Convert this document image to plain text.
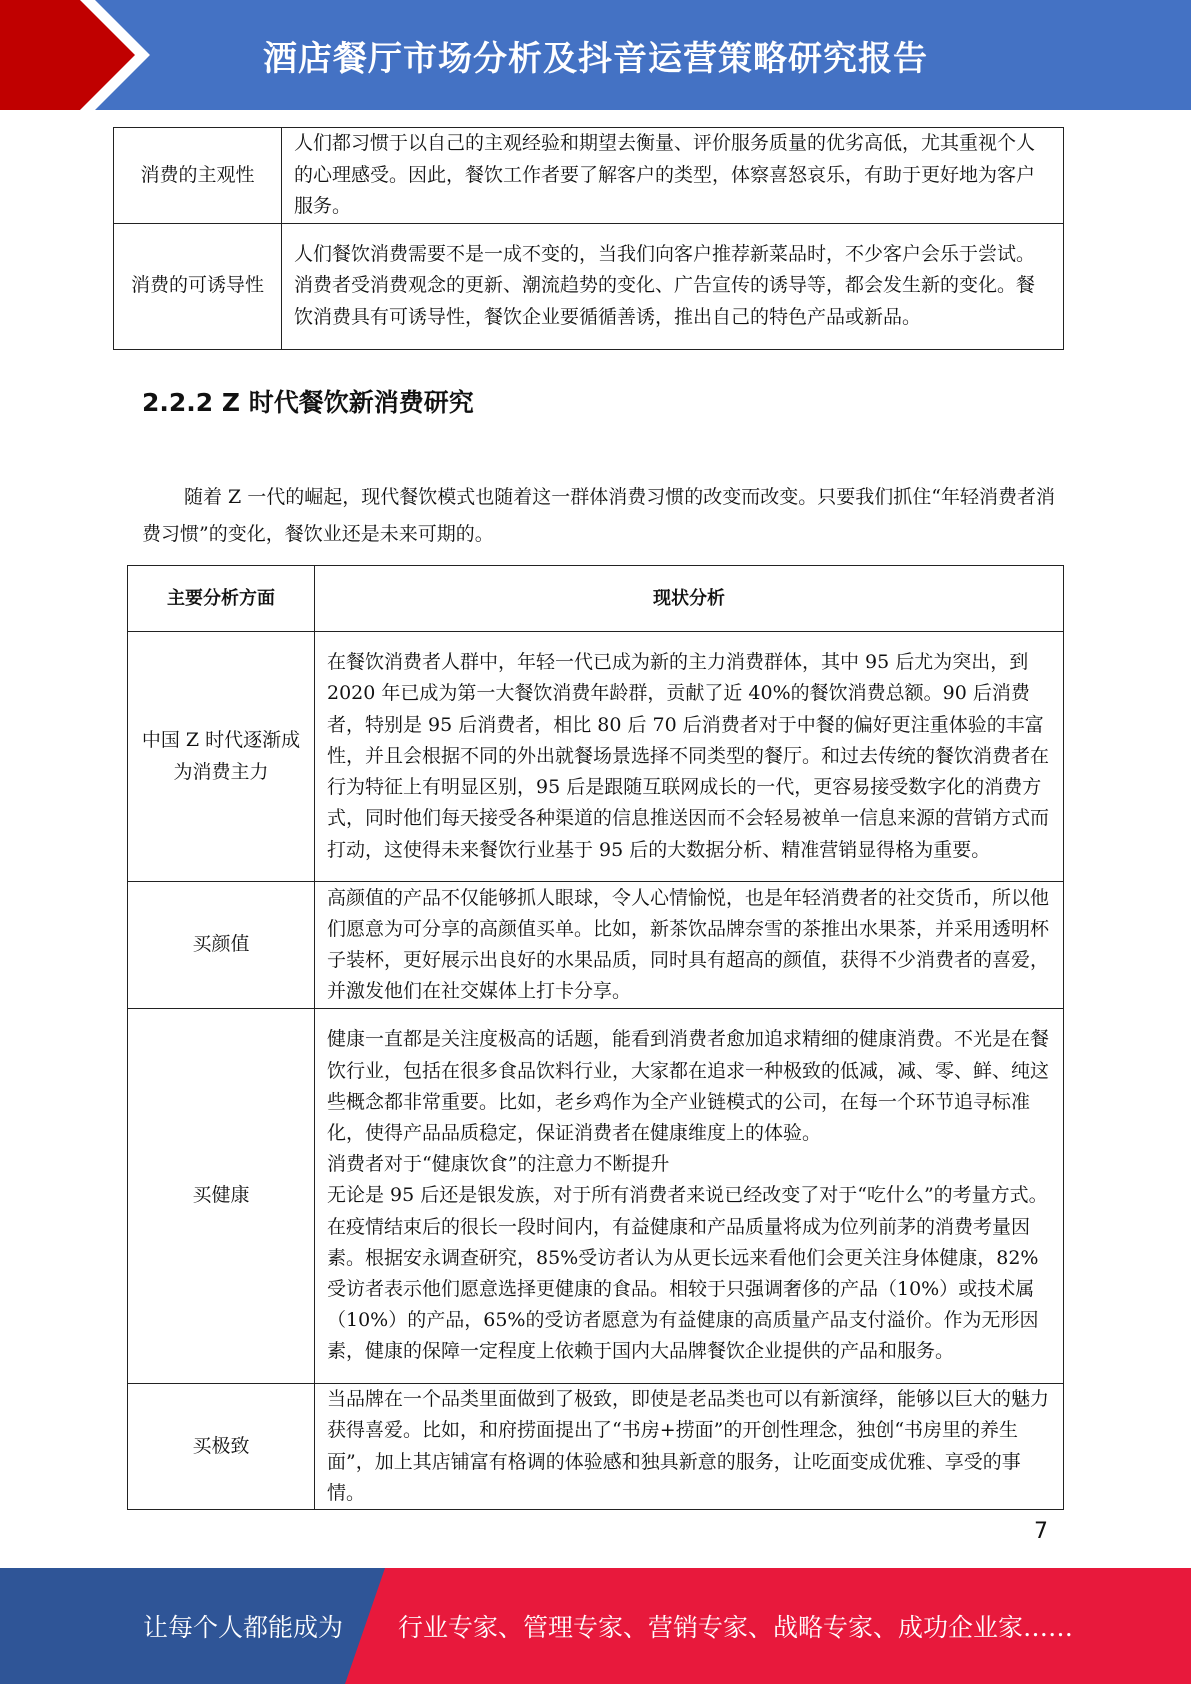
酒店餐厅市场分析及抖音运营策略研究报告
消费的主观性	人们都习惯于以自己的主观经验和期望去衡量、评价服务质量的优劣高低，尤其重视个人的心理感受。因此，餐饮工作者要了解客户的类型，体察喜怒哀乐，有助于更好地为客户服务。
消费的可诱导性	人们餐饮消费需要不是一成不变的，当我们向客户推荐新菜品时，不少客户会乐于尝试。消费者受消费观念的更新、潮流趋势的变化、广告宣传的诱导等，都会发生新的变化。餐饮消费具有可诱导性，餐饮企业要循循善诱，推出自己的特色产品或新品。
2.2.2 Z 时代餐饮新消费研究

随着 Z 一代的崛起，现代餐饮模式也随着这一群体消费习惯的改变而改变。只要我们抓住“年轻消费者消费习惯”的变化，餐饮业还是未来可期的。

主要分析方面	现状分析
中国 Z 时代逐渐成为消费主力	在餐饮消费者人群中，年轻一代已成为新的主力消费群体，其中 95 后尤为突出，到 2020 年已成为第一大餐饮消费年龄群，贡献了近 40%的餐饮消费总额。90 后消费者，特别是 95 后消费者，相比 80 后 70 后消费者对于中餐的偏好更注重体验的丰富性，并且会根据不同的外出就餐场景选择不同类型的餐厅。和过去传统的餐饮消费者在行为特征上有明显区别，95 后是跟随互联网成长的一代，更容易接受数字化的消费方式，同时他们每天接受各种渠道的信息推送因而不会轻易被单一信息来源的营销方式而打动，这使得未来餐饮行业基于 95 后的大数据分析、精准营销显得格为重要。
买颜值	高颜值的产品不仅能够抓人眼球，令人心情愉悦，也是年轻消费者的社交货币，所以他们愿意为可分享的高颜值买单。比如，新茶饮品牌奈雪的茶推出水果茶，并采用透明杯子装杯，更好展示出良好的水果品质，同时具有超高的颜值，获得不少消费者的喜爱，并激发他们在社交媒体上打卡分享。
买健康	健康一直都是关注度极高的话题，能看到消费者愈加追求精细的健康消费。不光是在餐饮行业，包括在很多食品饮料行业，大家都在追求一种极致的低减，减、零、鲜、纯这些概念都非常重要。比如，老乡鸡作为全产业链模式的公司，在每一个环节追寻标准化，使得产品品质稳定，保证消费者在健康维度上的体验。
消费者对于“健康饮食”的注意力不断提升
无论是 95 后还是银发族，对于所有消费者来说已经改变了对于“吃什么”的考量方式。在疫情结束后的很长一段时间内，有益健康和产品质量将成为位列前茅的消费考量因素。根据安永调查研究，85%受访者认为从更长远来看他们会更关注身体健康，82%受访者表示他们愿意选择更健康的食品。相较于只强调奢侈的产品（10%）或技术属（10%）的产品，65%的受访者愿意为有益健康的高质量产品支付溢价。作为无形因素，健康的保障一定程度上依赖于国内大品牌餐饮企业提供的产品和服务。

买极致	当品牌在一个品类里面做到了极致，即使是老品类也可以有新演绎，能够以巨大的魅力获得喜爱。比如，和府捞面提出了“书房+捞面”的开创性理念，独创“书房里的养生面”，加上其店铺富有格调的体验感和独具新意的服务，让吃面变成优雅、享受的事情。
7
让每个人都能成为 行业专家、管理专家、营销专家、战略专家、成功企业家……
